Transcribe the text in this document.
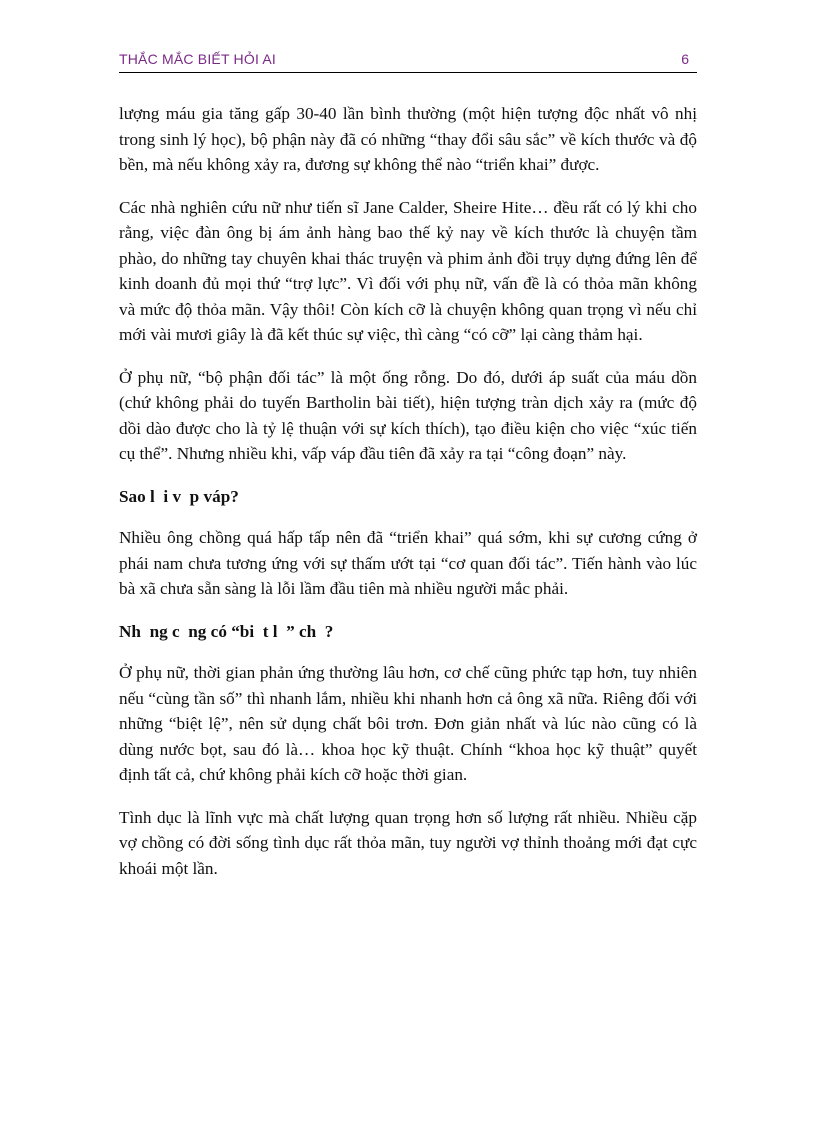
THẮC MẮC BIẾT HỎI AI	6

lượng máu gia tăng gấp 30-40 lần bình thường (một hiện tượng độc nhất vô nhị trong sinh lý học), bộ phận này đã có những “thay đổi sâu sắc” về kích thước và độ bền, mà nếu không xảy ra, đương sự không thể nào “triển khai” được.

Các nhà nghiên cứu nữ như tiến sĩ Jane Calder, Sheire Hite… đều rất có lý khi cho rằng, việc đàn ông bị ám ảnh hàng bao thế kỷ nay về kích thước là chuyện tầm phào, do những tay chuyên khai thác truyện và phim ảnh đồi trụy dựng đứng lên để kinh doanh đủ mọi thứ “trợ lực”. Vì đối với phụ nữ, vấn đề là có thỏa mãn không và mức độ thỏa mãn. Vậy thôi! Còn kích cỡ là chuyện không quan trọng vì nếu chỉ mới vài mươi giây là đã kết thúc sự việc, thì càng “có cỡ” lại càng thảm hại.

Ở phụ nữ, “bộ phận đối tác” là một ống rỗng. Do đó, dưới áp suất của máu dồn (chứ không phải do tuyến Bartholin bài tiết), hiện tượng tràn dịch xảy ra (mức độ dồi dào được cho là tỷ lệ thuận với sự kích thích), tạo điều kiện cho việc “xúc tiến cụ thể”. Nhưng nhiều khi, vấp váp đầu tiên đã xảy ra tại “công đoạn” này.

Sao l  i v  p váp?

Nhiều ông chồng quá hấp tấp nên đã “triển khai” quá sớm, khi sự cương cứng ở phái nam chưa tương ứng với sự thấm ướt tại “cơ quan đối tác”. Tiến hành vào lúc bà xã chưa sẵn sàng là lỗi lầm đầu tiên mà nhiều người mắc phải.

Nh  ng c  ng có “bi  t l  ” ch  ?

Ở phụ nữ, thời gian phản ứng thường lâu hơn, cơ chế cũng phức tạp hơn, tuy nhiên nếu “cùng tần số” thì nhanh lắm, nhiều khi nhanh hơn cả ông xã nữa. Riêng đối với những “biệt lệ”, nên sử dụng chất bôi trơn. Đơn giản nhất và lúc nào cũng có là dùng nước bọt, sau đó là… khoa học kỹ thuật. Chính “khoa học kỹ thuật” quyết định tất cả, chứ không phải kích cỡ hoặc thời gian.

Tình dục là lĩnh vực mà chất lượng quan trọng hơn số lượng rất nhiều. Nhiều cặp vợ chồng có đời sống tình dục rất thỏa mãn, tuy người vợ thỉnh thoảng mới đạt cực khoái một lần.
